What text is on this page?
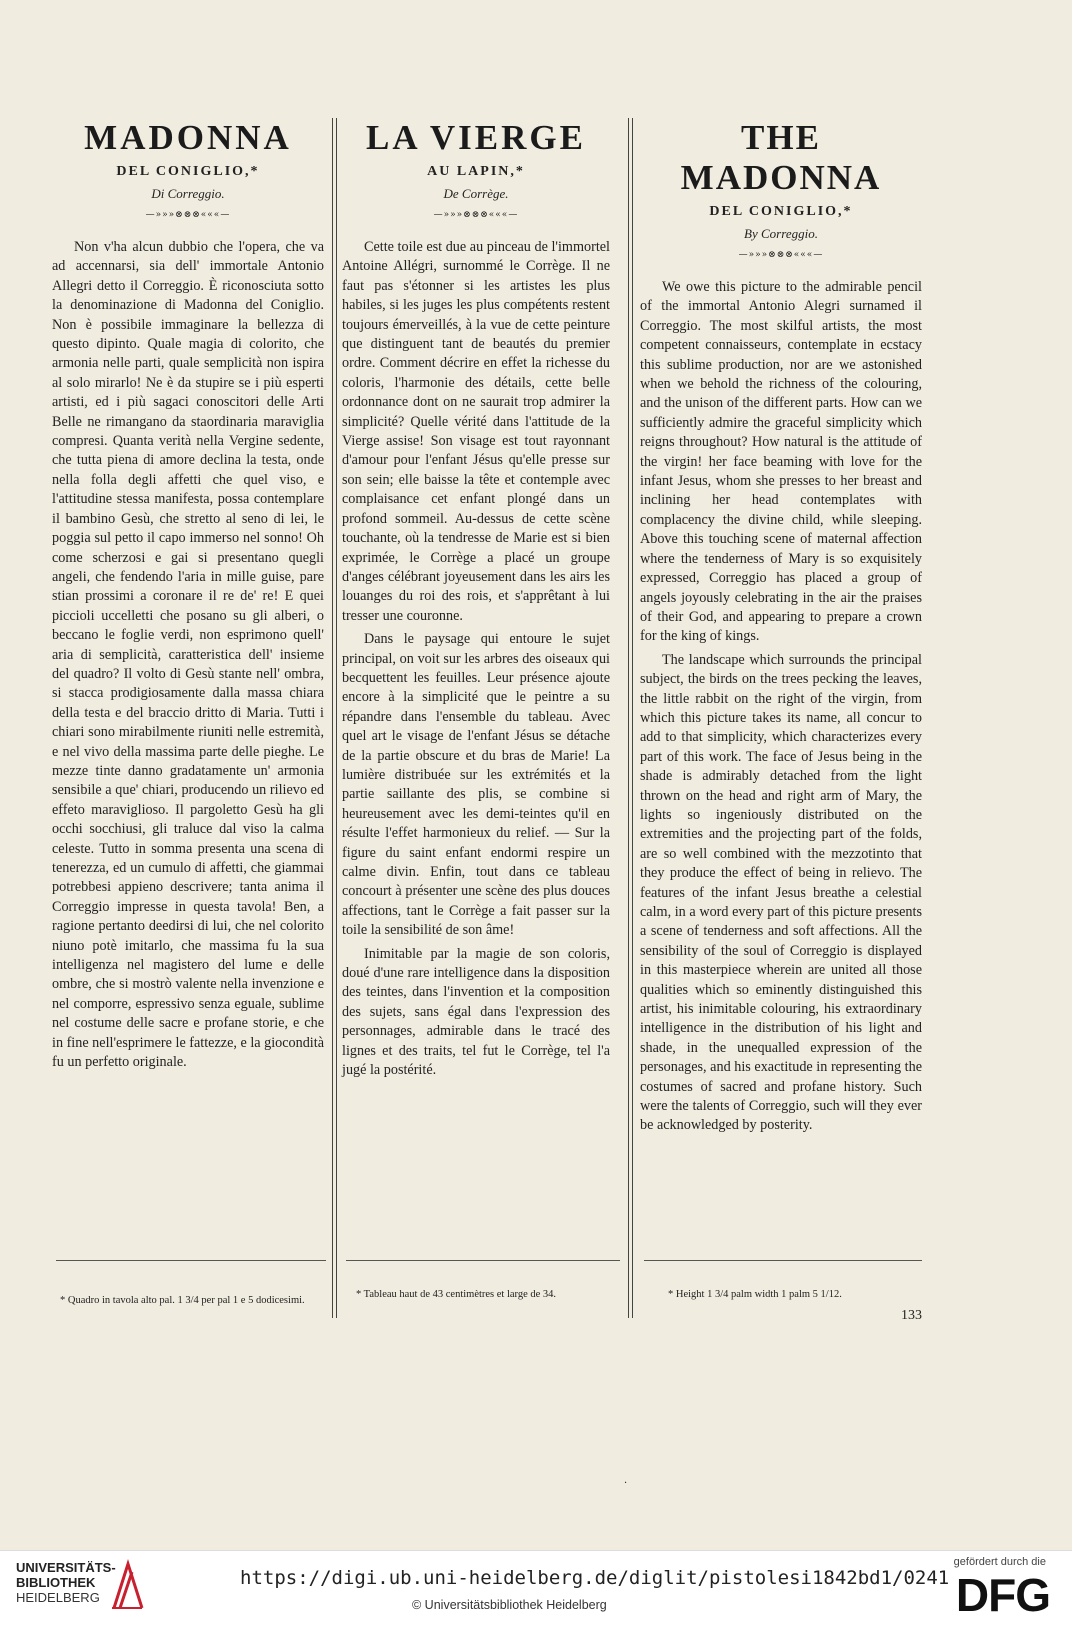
MADONNA
DEL CONIGLIO,*
Di Correggio.
—»»»⊗⊗⊗«««—

Non v'ha alcun dubbio che l'opera, che va ad accennarsi, sia dell' immortale Antonio Allegri detto il Correggio. È riconosciuta sotto la denominazione di Madonna del Coniglio. Non è possibile immaginare la bellezza di questo dipinto. Quale magia di colorito, che armonia nelle parti, quale semplicità non ispira al solo mirarlo! Ne è da stupire se i più esperti artisti, ed i più sagaci conoscitori delle Arti Belle ne rimangano da staordinaria maraviglia compresi. Quanta verità nella Vergine sedente, che tutta piena di amore declina la testa, onde nella folla degli affetti che quel viso, e l'attitudine stessa manifesta, possa contemplare il bambino Gesù, che stretto al seno di lei, le poggia sul petto il capo immerso nel sonno! Oh come scherzosi e gai si presentano quegli angeli, che fendendo l'aria in mille guise, pare stian prossimi a coronare il re de' re! E quei piccioli uccelletti che posano su gli alberi, o beccano le foglie verdi, non esprimono quell' aria di semplicità, caratteristica dell' insieme del quadro? Il volto di Gesù stante nell' ombra, si stacca prodigiosamente dalla massa chiara della testa e del braccio dritto di Maria. Tutti i chiari sono mirabilmente riuniti nelle estremità, e nel vivo della massima parte delle pieghe. Le mezze tinte danno gradatamente un' armonia sensibile a que' chiari, producendo un rilievo ed effeto maraviglioso. Il pargoletto Gesù ha gli occhi socchiusi, gli traluce dal viso la calma celeste. Tutto in somma presenta una scena di tenerezza, ed un cumulo di affetti, che giammai potrebbesi appieno descrivere; tanta anima il Correggio impresse in questa tavola! Ben, a ragione pertanto deedirsi di lui, che nel colorito niuno potè imitarlo, che massima fu la sua intelligenza nel magistero del lume e delle ombre, che si mostrò valente nella invenzione e nel comporre, espressivo senza eguale, sublime nel costume delle sacre e profane storie, e che in fine nell'esprimere le fattezze, e la giocondità fu un perfetto originale.

LA VIERGE
AU LAPIN,*
De Corrège.
—»»»⊗⊗⊗«««—

Cette toile est due au pinceau de l'immortel Antoine Allégri, surnommé le Corrège. Il ne faut pas s'étonner si les artistes les plus habiles, si les juges les plus compétents restent toujours émerveillés, à la vue de cette peinture que distinguent tant de beautés du premier ordre. Comment décrire en effet la richesse du coloris, l'harmonie des détails, cette belle ordonnance dont on ne saurait trop admirer la simplicité? Quelle vérité dans l'attitude de la Vierge assise! Son visage est tout rayonnant d'amour pour l'enfant Jésus qu'elle presse sur son sein; elle baisse la tête et contemple avec complaisance cet enfant plongé dans un profond sommeil. Au-dessus de cette scène touchante, où la tendresse de Marie est si bien exprimée, le Corrège a placé un groupe d'anges célébrant joyeusement dans les airs les louanges du roi des rois, et s'apprêtant à lui tresser une couronne.

Dans le paysage qui entoure le sujet principal, on voit sur les arbres des oiseaux qui becquettent les feuilles. Leur présence ajoute encore à la simplicité que le peintre a su répandre dans l'ensemble du tableau. Avec quel art le visage de l'enfant Jésus se détache de la partie obscure et du bras de Marie! La lumière distribuée sur les extrémités et la partie saillante des plis, se combine si heureusement avec les demi-teintes qu'il en résulte l'effet harmonieux du relief. — Sur la figure du saint enfant endormi respire un calme divin. Enfin, tout dans ce tableau concourt à présenter une scène des plus douces affections, tant le Corrège a fait passer sur la toile la sensibilité de son âme!

Inimitable par la magie de son coloris, doué d'une rare intelligence dans la disposition des teintes, dans l'invention et la composition des sujets, sans égal dans l'expression des personnages, admirable dans le tracé des lignes et des traits, tel fut le Corrège, tel l'a jugé la postérité.

THE MADONNA
DEL CONIGLIO,*
By Correggio.
—»»»⊗⊗⊗«««—

We owe this picture to the admirable pencil of the immortal Antonio Alegri surnamed il Correggio. The most skilful artists, the most competent connaisseurs, contemplate in ecstacy this sublime production, nor are we astonished when we behold the richness of the colouring, and the unison of the different parts. How can we sufficiently admire the graceful simplicity which reigns throughout? How natural is the attitude of the virgin! her face beaming with love for the infant Jesus, whom she presses to her breast and inclining her head contemplates with complacency the divine child, while sleeping. Above this touching scene of maternal affection where the tenderness of Mary is so exquisitely expressed, Correggio has placed a group of angels joyously celebrating in the air the praises of their God, and appearing to prepare a crown for the king of kings.

The landscape which surrounds the principal subject, the birds on the trees pecking the leaves, the little rabbit on the right of the virgin, from which this picture takes its name, all concur to add to that simplicity, which characterizes every part of this work. The face of Jesus being in the shade is admirably detached from the light thrown on the head and right arm of Mary, the lights so ingeniously distributed on the extremities and the projecting part of the folds, are so well combined with the mezzotinto that they produce the effect of being in relievo. The features of the infant Jesus breathe a celestial calm, in a word every part of this picture presents a scene of tenderness and soft affections. All the sensibility of the soul of Correggio is displayed in this masterpiece wherein are united all those qualities which so eminently distinguished this artist, his inimitable colouring, his extraordinary intelligence in the distribution of his light and shade, in the unequalled expression of the personages, and his exactitude in representing the costumes of sacred and profane history. Such were the talents of Correggio, such will they ever be acknowledged by posterity.

* Quadro in tavola alto pal. 1 3/4 per pal 1 e 5 dodicesimi.
* Tableau haut de 43 centimètres et large de 34.	* Height 1 3/4 palm width 1 palm 5 1/12.
133
·
UNIVERSITÄTS-
BIBLIOTHEK
HEIDELBERG
https://digi.ub.uni-heidelberg.de/diglit/pistolesi1842bd1/0241
© Universitätsbibliothek Heidelberg
gefördert durch die
DFG
